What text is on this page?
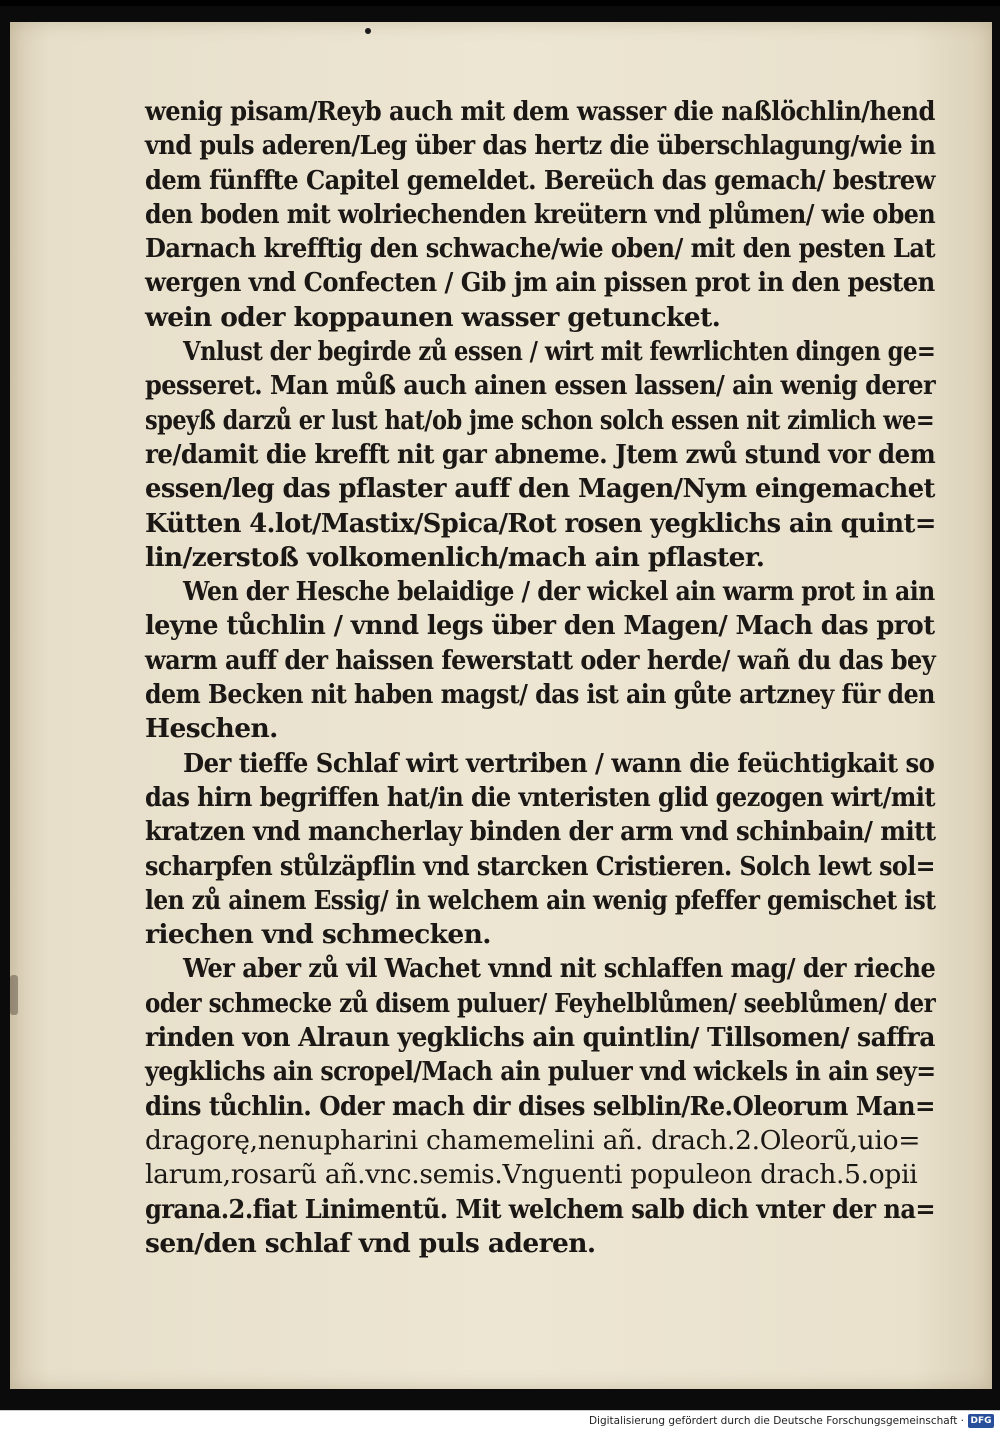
wenig pisam/Reyb auch mit dem wasser die naßlöchlin/hend
vnd puls aderen/Leg über das hertz die überschlagung/wie in
dem fünffte Capitel gemeldet. Bereüch das gemach/ bestrew
den boden mit wolriechenden kreütern vnd plůmen/ wie oben
Darnach krefftig den schwache/wie oben/ mit den pesten Lat
wergen vnd Confecten / Gib jm ain pissen prot in den pesten
wein oder koppaunen wasser getuncket.
Vnlust der begirde zů essen / wirt mit fewrlichten dingen ge=
pesseret. Man můß auch ainen essen lassen/ ain wenig derer
speyß darzů er lust hat/ob jme schon solch essen nit zimlich we=
re/damit die krefft nit gar abneme. Jtem zwů stund vor dem
essen/leg das pflaster auff den Magen/Nym eingemachet
Kütten 4.lot/Mastix/Spica/Rot rosen yegklichs ain quint=
lin/zerstoß volkomenlich/mach ain pflaster.
Wen der Hesche belaidige / der wickel ain warm prot in ain
leyne tůchlin / vnnd legs über den Magen/ Mach das prot
warm auff der haissen fewerstatt oder herde/ wañ du das bey
dem Becken nit haben magst/ das ist ain gůte artzney für den
Heschen.
Der tieffe Schlaf wirt vertriben / wann die feüchtigkait so
das hirn begriffen hat/in die vnteristen glid gezogen wirt/mit
kratzen vnd mancherlay binden der arm vnd schinbain/ mitt
scharpfen stůlzäpflin vnd starcken Cristieren. Solch lewt sol=
len zů ainem Essig/ in welchem ain wenig pfeffer gemischet ist
riechen vnd schmecken.
Wer aber zů vil Wachet vnnd nit schlaffen mag/ der rieche
oder schmecke zů disem puluer/ Feyhelblůmen/ seeblůmen/ der
rinden von Alraun yegklichs ain quintlin/ Tillsomen/ saffra
yegklichs ain scropel/Mach ain puluer vnd wickels in ain sey=
dins tůchlin. Oder mach dir dises selblin/Re.Oleorum Man=
dragorę,nenupharini chamemelini añ. drach.2.Oleorũ,uio=
larum,rosarũ añ.vnc.semis.Vnguenti populeon drach.5.opii
grana.2.fiat Linimentũ. Mit welchem salb dich vnter der na=
sen/den schlaf vnd puls aderen.
Digitalisierung gefördert durch die Deutsche Forschungsgemeinschaft · DFG
